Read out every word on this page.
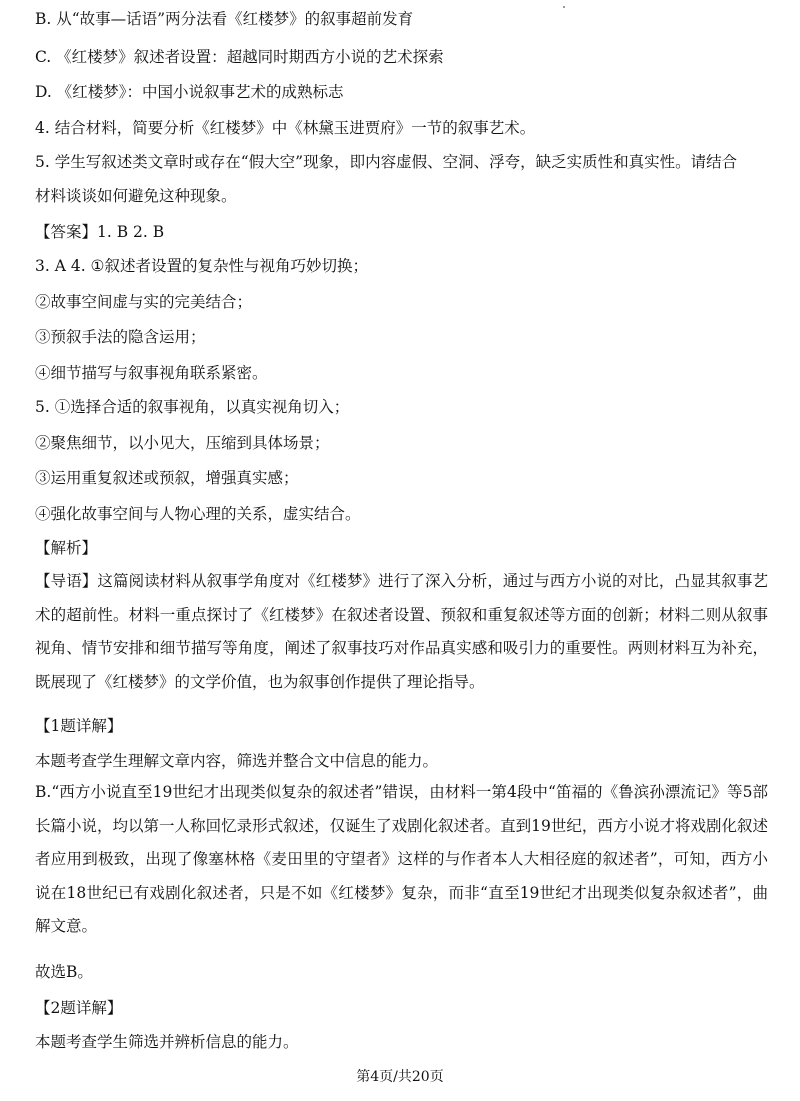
B. 从“故事—话语”两分法看《红楼梦》的叙事超前发育
C. 《红楼梦》叙述者设置：超越同时期西方小说的艺术探索
D. 《红楼梦》：中国小说叙事艺术的成熟标志
4. 结合材料，简要分析《红楼梦》中《林黛玉进贾府》一节的叙事艺术。
5. 学生写叙述类文章时或存在“假大空”现象，即内容虚假、空洞、浮夸，缺乏实质性和真实性。请结合
材料谈谈如何避免这种现象。
【答案】1. B 2. B
3. A 4. ①叙述者设置的复杂性与视角巧妙切换；
②故事空间虚与实的完美结合；
③预叙手法的隐含运用；
④细节描写与叙事视角联系紧密。
5. ①选择合适的叙事视角，以真实视角切入；
②聚焦细节，以小见大，压缩到具体场景；
③运用重复叙述或预叙，增强真实感；
④强化故事空间与人物心理的关系，虚实结合。
【解析】
【导语】这篇阅读材料从叙事学角度对《红楼梦》进行了深入分析，通过与西方小说的对比，凸显其叙事艺术的超前性。材料一重点探讨了《红楼梦》在叙述者设置、预叙和重复叙述等方面的创新；材料二则从叙事视角、情节安排和细节描写等角度，阐述了叙事技巧对作品真实感和吸引力的重要性。两则材料互为补充，既展现了《红楼梦》的文学价值，也为叙事创作提供了理论指导。
【1题详解】
本题考查学生理解文章内容，筛选并整合文中信息的能力。
B.“西方小说直至19世纪才出现类似复杂的叙述者”错误，由材料一第4段中“笛福的《鲁滨孙漂流记》等5部长篇小说，均以第一人称回忆录形式叙述，仅诞生了戏剧化叙述者。直到19世纪，西方小说才将戏剧化叙述者应用到极致，出现了像塞林格《麦田里的守望者》这样的与作者本人大相径庭的叙述者”，可知，西方小说在18世纪已有戏剧化叙述者，只是不如《红楼梦》复杂，而非“直至19世纪才出现类似复杂叙述者”，曲解文意。
故选B。
【2题详解】
本题考查学生筛选并辨析信息的能力。
第4页/共20页
